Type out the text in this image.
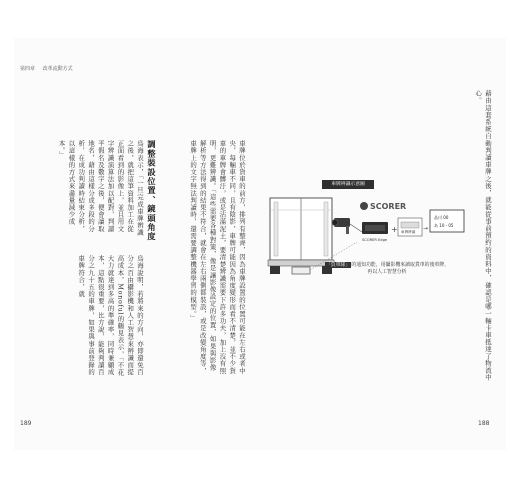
第四章 改革流動方式
鳥海表示，「一旦完成車牌辨識之後，就把這筆資料加工在從正面看到的影像上，並且用文字辨識演算法加以配對，判讀平假名及數字之後，便會讀取地名，藉由這樣分成多段的分析，在成功判讀時結束分析，以這樣的方式來盡量減少成本。」	調整裝設位置、鏡頭角度	車牌位於貨車的前方，排列有整齊，因為車牌設置的位置可能在左右或者中央，每輛車不同，且有陰影，車牌可能因為角度變形而看不清楚，並不少貨車的車牌會髒汙，或是沾滿泥土，要清楚辨識需要下許多功夫，加上沒有照明，更難辨識。「這些需要各種對策，像是讓影像設定的位置，如果與影像解析等方法得到的結果不符合，就會在左右兩側都裝設，或是改變角度等，車牌上的文字無法判讀時，還需要調整機器學習的模型。」
鳥海說明，若將來的方向，亦即還免百分之百由攝影機和人工智慧來辨識而提高成本，Monoful的鶴見表示，「不花大力就達到多高的準確率，同時兼顧成本，這點很重要，比方說，能夠判讀百分之九十五的車牌，如果與事前登錄的車牌符合，就	藉由這套系統自動判讀車牌之後，就能從事前預約的資料中，確認是哪一輛卡車抵達了物流中心。
車牌辨識示意圖
SCORER
SCORER Edge
+ 車牌辨識 →
品川 00
あ 10 - 05
「負車隊」的通知功能，用攝影機來讀取貨車的後車牌，
再以人工智慧分析
189	188
